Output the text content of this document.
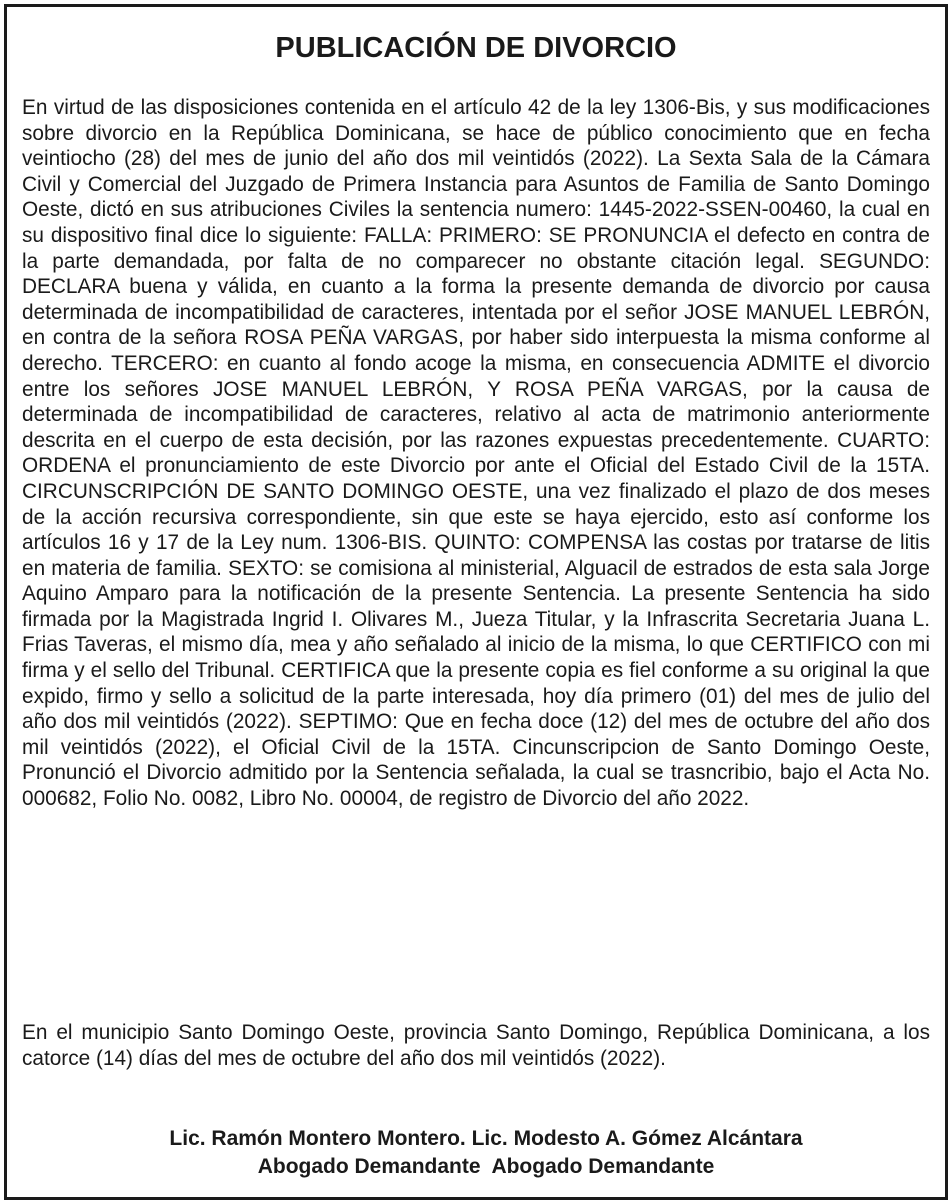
PUBLICACIÓN DE DIVORCIO

En virtud de las disposiciones contenida en el artículo 42 de la ley 1306-Bis, y sus modificaciones sobre divorcio en la República Dominicana, se hace de público conocimiento que en fecha veintiocho (28) del mes de junio del año dos mil veintidós (2022). La Sexta Sala de la Cámara Civil y Comercial del Juzgado de Primera Instancia para Asuntos de Familia de Santo Domingo Oeste, dictó en sus atribuciones Civiles la sentencia numero: 1445-2022-SSEN-00460, la cual en su dispositivo final dice lo siguiente: FALLA: PRIMERO: SE PRONUNCIA el defecto en contra de la parte demandada, por falta de no comparecer no obstante citación legal. SEGUNDO: DECLARA buena y válida, en cuanto a la forma la presente demanda de divorcio por causa determinada de incompatibilidad de caracteres, intentada por el señor JOSE MANUEL LEBRÓN, en contra de la señora ROSA PEÑA VARGAS, por haber sido interpuesta la misma conforme al derecho. TERCERO: en cuanto al fondo acoge la misma, en consecuencia ADMITE el divorcio entre los señores JOSE MANUEL LEBRÓN, Y ROSA PEÑA VARGAS, por la causa de determinada de incompatibilidad de caracteres, relativo al acta de matrimonio anteriormente descrita en el cuerpo de esta decisión, por las razones expuestas precedentemente. CUARTO: ORDENA el pronunciamiento de este Divorcio por ante el Oficial del Estado Civil de la 15TA. CIRCUNSCRIPCIÓN DE SANTO DOMINGO OESTE, una vez finalizado el plazo de dos meses de la acción recursiva correspondiente, sin que este se haya ejercido, esto así conforme los artículos 16 y 17 de la Ley num. 1306-BIS. QUINTO: COMPENSA las costas por tratarse de litis en materia de familia. SEXTO: se comisiona al ministerial, Alguacil de estrados de esta sala Jorge Aquino Amparo para la notificación de la presente Sentencia. La presente Sentencia ha sido firmada por la Magistrada Ingrid I. Olivares M., Jueza Titular, y la Infrascrita Secretaria Juana L. Frias Taveras, el mismo día, mea y año señalado al inicio de la misma, lo que CERTIFICO con mi firma y el sello del Tribunal. CERTIFICA que la presente copia es fiel conforme a su original la que expido, firmo y sello a solicitud de la parte interesada, hoy día primero (01) del mes de julio del año dos mil veintidós (2022). SEPTIMO: Que en fecha doce (12) del mes de octubre del año dos mil veintidós (2022), el Oficial Civil de la 15TA. Cincunscripcion de Santo Domingo Oeste, Pronunció el Divorcio admitido por la Sentencia señalada, la cual se trasncribio, bajo el Acta No. 000682, Folio No. 0082, Libro No. 00004, de registro de Divorcio del año 2022.

En el municipio Santo Domingo Oeste, provincia Santo Domingo, República Dominicana, a los catorce (14) días del mes de octubre del año dos mil veintidós (2022).

Lic. Ramón Montero Montero. Lic. Modesto A. Gómez Alcántara
Abogado Demandante  Abogado Demandante
